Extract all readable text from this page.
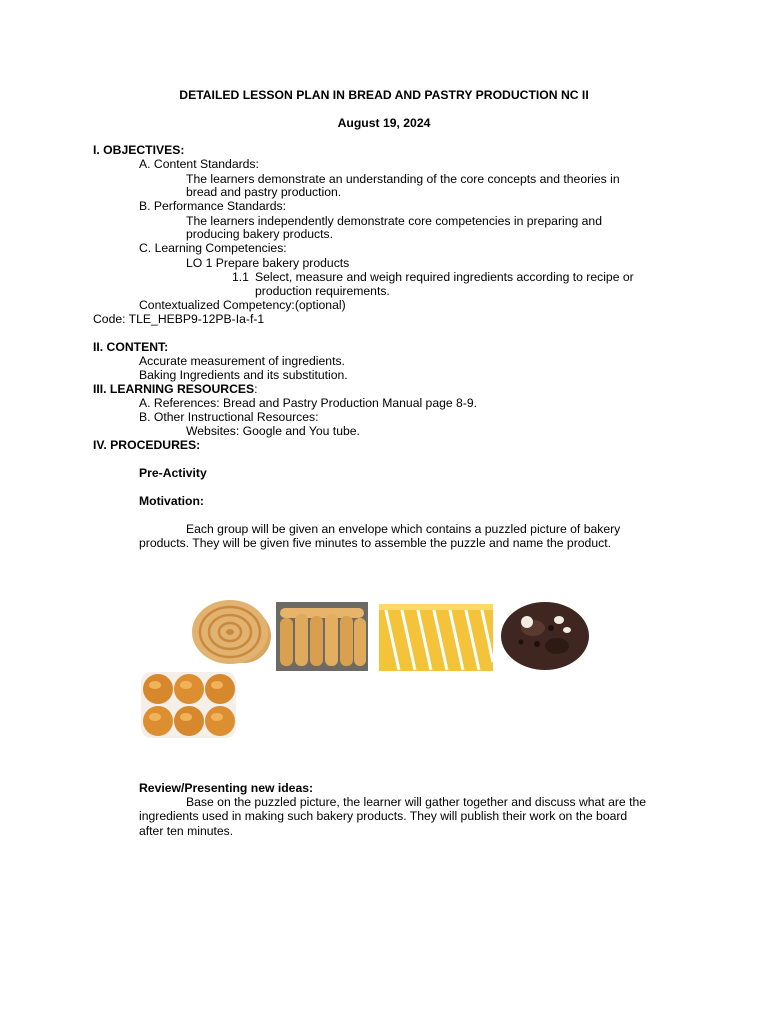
DETAILED LESSON PLAN IN BREAD AND PASTRY PRODUCTION NC II
August 19, 2024
I. OBJECTIVES:
A. Content Standards:
The learners demonstrate an understanding of the core concepts and theories in
bread and pastry production.
B. Performance Standards:
The learners independently demonstrate core competencies in preparing and
producing bakery products.
C. Learning Competencies:
LO 1 Prepare bakery products
1.1 Select, measure and weigh required ingredients according to recipe or
production requirements.
Contextualized Competency:(optional)
Code: TLE_HEBP9-12PB-Ia-f-1
II. CONTENT:
Accurate measurement of ingredients.
Baking Ingredients and its substitution.
III. LEARNING RESOURCES:
A. References: Bread and Pastry Production Manual page 8-9.
B. Other Instructional Resources:
Websites: Google and You tube.
IV. PROCEDURES:
Pre-Activity
Motivation:
Each group will be given an envelope which contains a puzzled picture of bakery
products. They will be given five minutes to assemble the puzzle and name the product.
Review/Presenting new ideas:
Base on the puzzled picture, the learner will gather together and discuss what are the
ingredients used in making such bakery products. They will publish their work on the board
after ten minutes.
